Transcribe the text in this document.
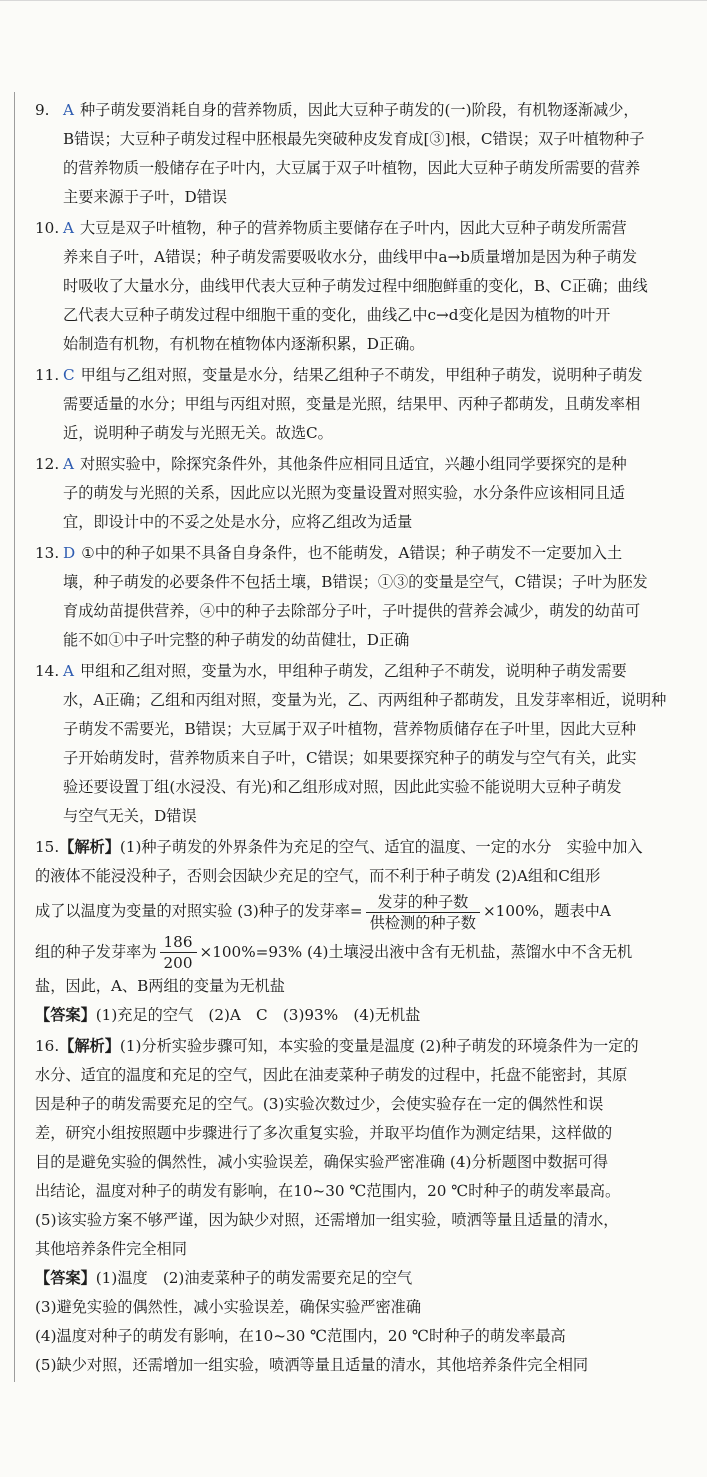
9. A 种子萌发要消耗自身的营养物质，因此大豆种子萌发的(一)阶段，有机物逐渐减少，
B错误；大豆种子萌发过程中胚根最先突破种皮发育成[③]根，C错误；双子叶植物种子
的营养物质一般储存在子叶内，大豆属于双子叶植物，因此大豆种子萌发所需要的营养
主要来源于子叶，D错误
10. A 大豆是双子叶植物，种子的营养物质主要储存在子叶内，因此大豆种子萌发所需营
养来自子叶，A错误；种子萌发需要吸收水分，曲线甲中a→b质量增加是因为种子萌发
时吸收了大量水分，曲线甲代表大豆种子萌发过程中细胞鲜重的变化，B、C正确；曲线
乙代表大豆种子萌发过程中细胞干重的变化，曲线乙中c→d变化是因为植物的叶开
始制造有机物，有机物在植物体内逐渐积累，D正确。
11. C 甲组与乙组对照，变量是水分，结果乙组种子不萌发，甲组种子萌发，说明种子萌发
需要适量的水分；甲组与丙组对照，变量是光照，结果甲、丙种子都萌发，且萌发率相
近，说明种子萌发与光照无关。故选C。
12. A 对照实验中，除探究条件外，其他条件应相同且适宜，兴趣小组同学要探究的是种
子的萌发与光照的关系，因此应以光照为变量设置对照实验，水分条件应该相同且适
宜，即设计中的不妥之处是水分，应将乙组改为适量
13. D ①中的种子如果不具备自身条件，也不能萌发，A错误；种子萌发不一定要加入土
壤，种子萌发的必要条件不包括土壤，B错误；①③的变量是空气，C错误；子叶为胚发
育成幼苗提供营养，④中的种子去除部分子叶，子叶提供的营养会减少，萌发的幼苗可
能不如①中子叶完整的种子萌发的幼苗健壮，D正确
14. A 甲组和乙组对照，变量为水，甲组种子萌发，乙组种子不萌发，说明种子萌发需要
水，A正确；乙组和丙组对照，变量为光，乙、丙两组种子都萌发，且发芽率相近，说明种
子萌发不需要光，B错误；大豆属于双子叶植物，营养物质储存在子叶里，因此大豆种
子开始萌发时，营养物质来自子叶，C错误；如果要探究种子的萌发与空气有关，此实
验还要设置丁组(水浸没、有光)和乙组形成对照，因此此实验不能说明大豆种子萌发
与空气无关，D错误
15.【解析】(1)种子萌发的外界条件为充足的空气、适宜的温度、一定的水分　实验中加入
的液体不能浸没种子，否则会因缺少充足的空气，而不利于种子萌发 (2)A组和C组形
成了以温度为变量的对照实验 (3)种子的发芽率= $\frac{\text{发芽的种子数}}{\text{供检测的种子数}} \times 100\%$，题表中A
组的种子发芽率为 $\frac{186}{200} \times 100\%=93\%$ (4)土壤浸出液中含有无机盐，蒸馏水中不含无机
盐，因此，A、B两组的变量为无机盐
【答案】(1)充足的空气　(2)A　C　(3)93%　(4)无机盐
16.【解析】(1)分析实验步骤可知，本实验的变量是温度 (2)种子萌发的环境条件为一定的
水分、适宜的温度和充足的空气，因此在油麦菜种子萌发的过程中，托盘不能密封，其原
因是种子的萌发需要充足的空气。(3)实验次数过少，会使实验存在一定的偶然性和误
差，研究小组按照题中步骤进行了多次重复实验，并取平均值作为测定结果，这样做的
目的是避免实验的偶然性，减小实验误差，确保实验严密准确 (4)分析题图中数据可得
出结论，温度对种子的萌发有影响，在10~30 ℃范围内，20 ℃时种子的萌发率最高。
(5)该实验方案不够严谨，因为缺少对照，还需增加一组实验，喷洒等量且适量的清水，
其他培养条件完全相同
【答案】(1)温度　(2)油麦菜种子的萌发需要充足的空气
(3)避免实验的偶然性，减小实验误差，确保实验严密准确
(4)温度对种子的萌发有影响，在10~30 ℃范围内，20 ℃时种子的萌发率最高
(5)缺少对照，还需增加一组实验，喷洒等量且适量的清水，其他培养条件完全相同
